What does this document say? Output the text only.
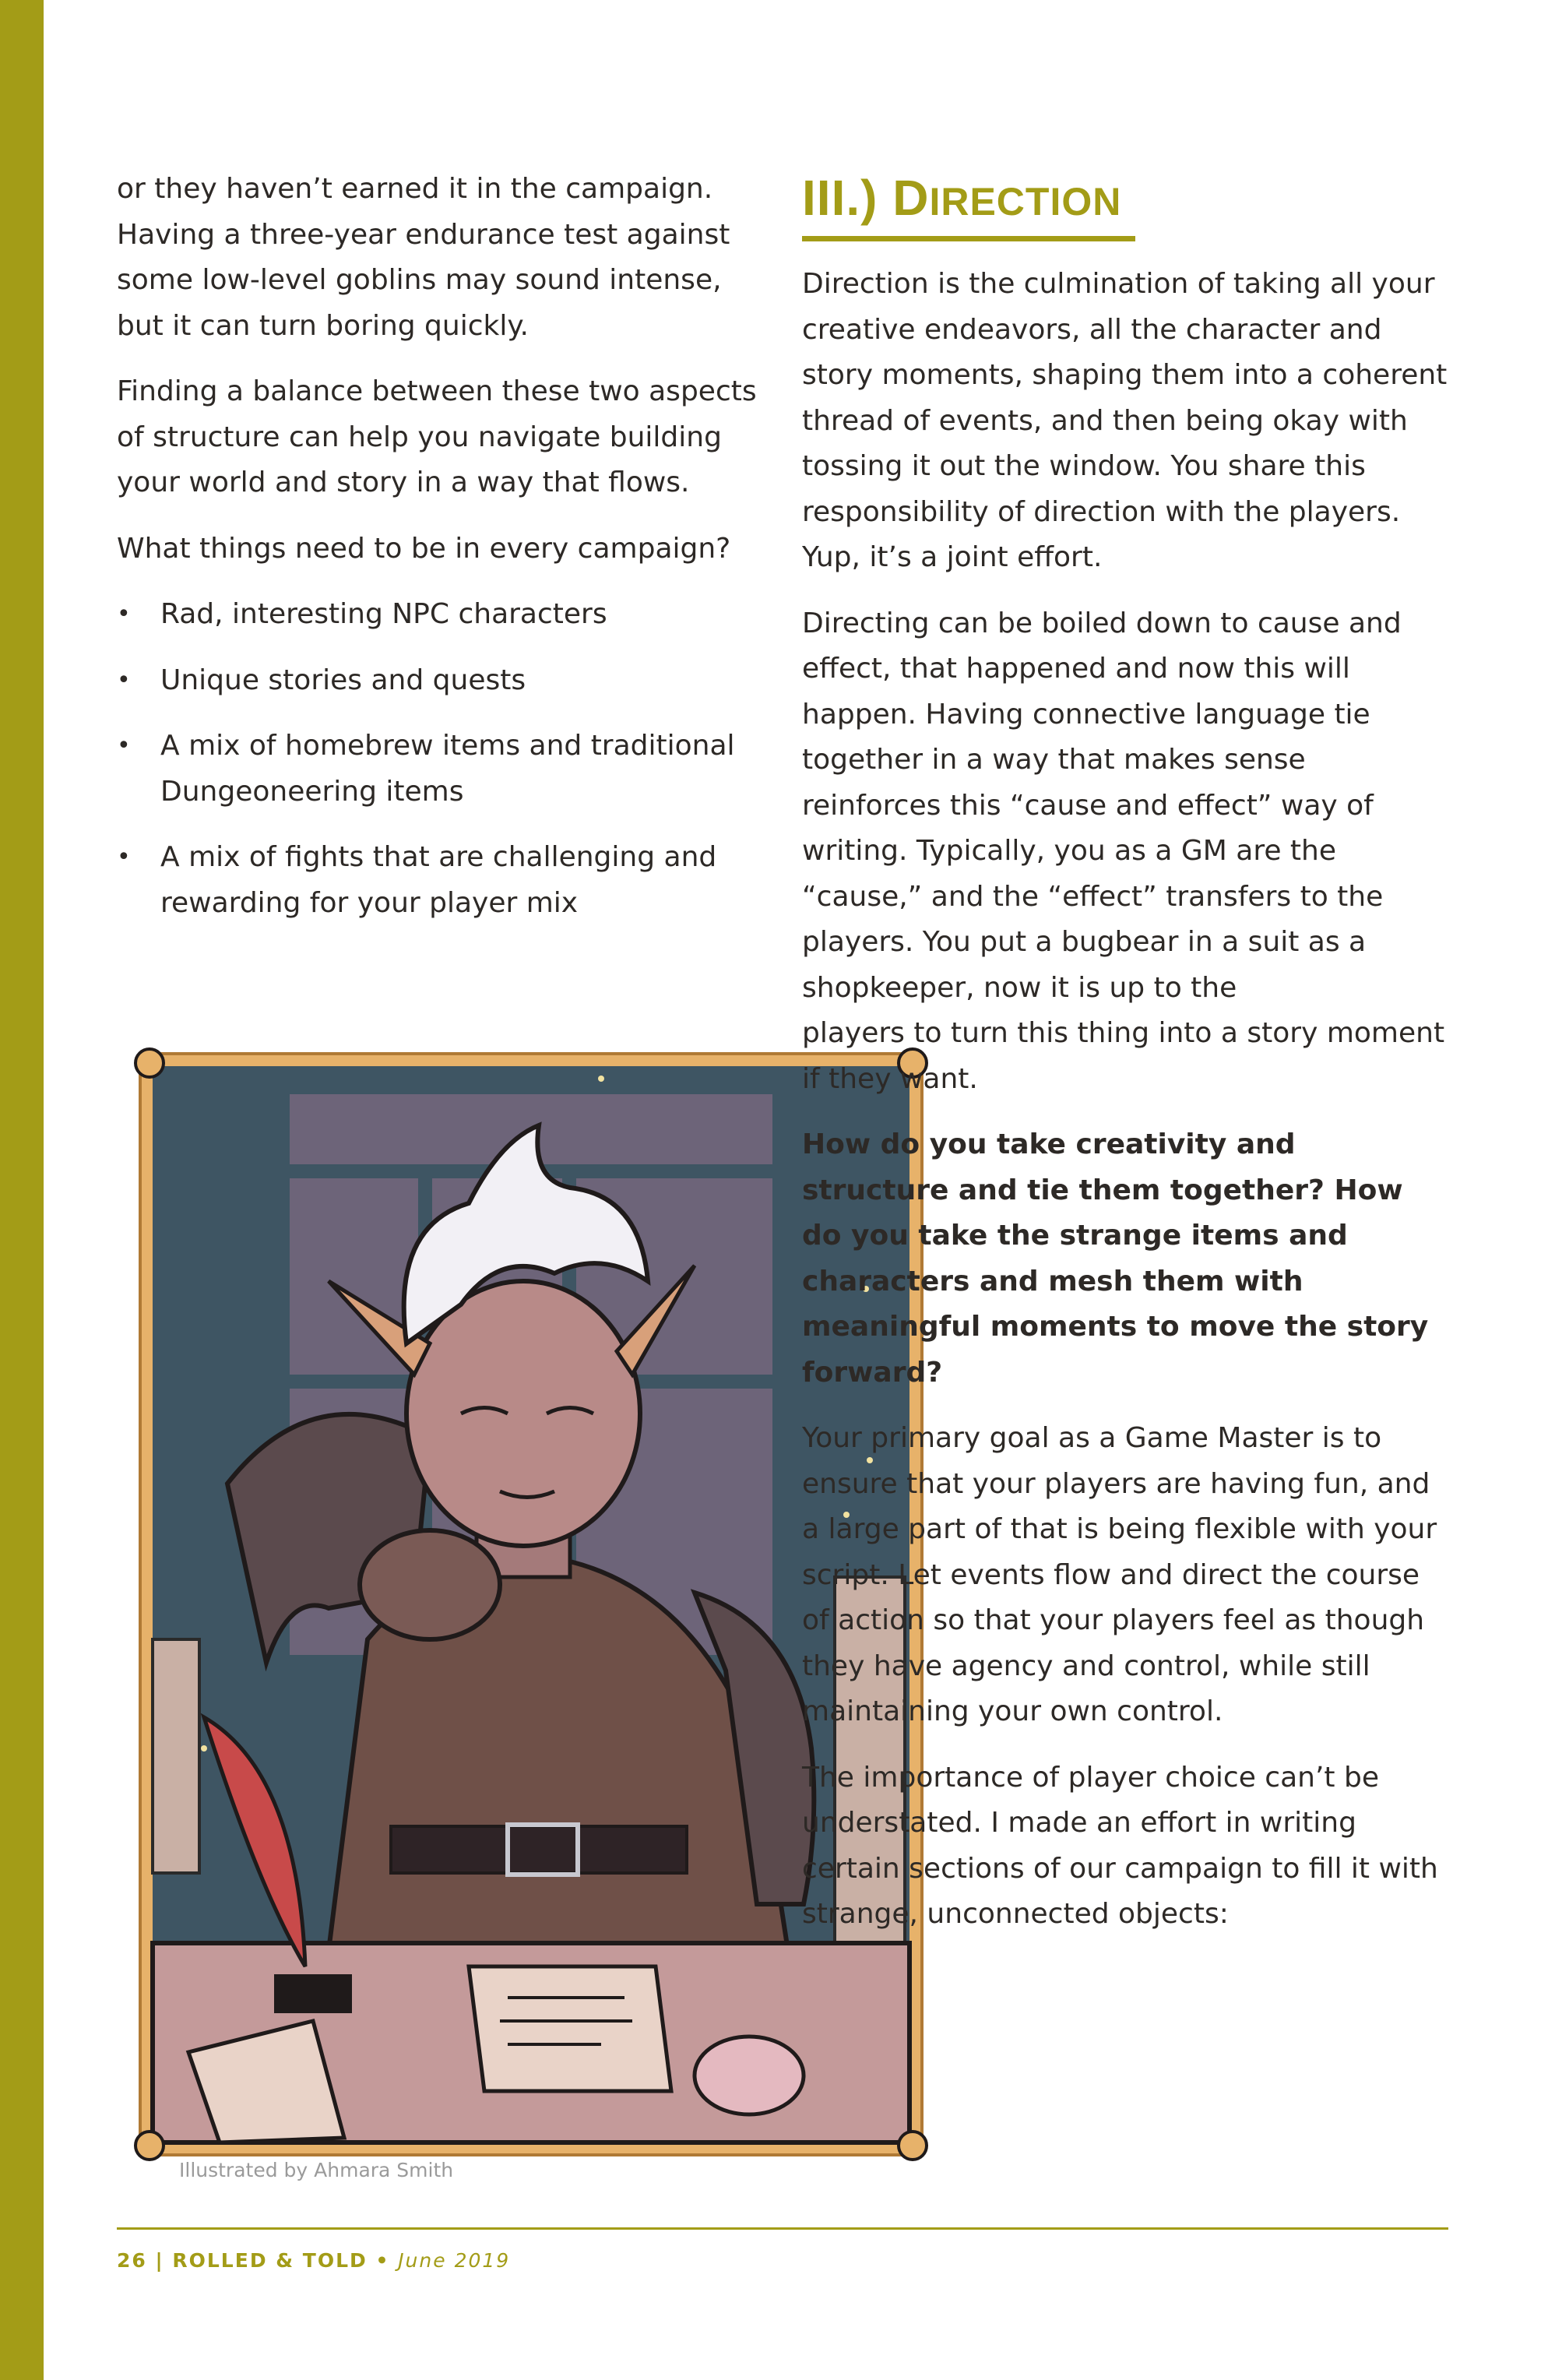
or they haven’t earned it in the campaign. Having a three-year endurance test against some low-level goblins may sound intense, but it can turn boring quickly.

Finding a balance between these two aspects of structure can help you navigate building your world and story in a way that flows.

What things need to be in every campaign?

• Rad, interesting NPC characters
• Unique stories and quests
• A mix of homebrew items and traditional Dungeoneering items
• A mix of fights that are challenging and rewarding for your player mix
Illustrated by Ahmara Smith
III.) DIRECTION

Direction is the culmination of taking all your creative endeavors, all the character and story moments, shaping them into a coherent thread of events, and then being okay with tossing it out the window. You share this responsibility of direction with the players. Yup, it’s a joint effort.

Directing can be boiled down to cause and effect, that happened and now this will happen. Having connective language tie together in a way that makes sense reinforces this “cause and effect” way of writing. Typically, you as a GM are the “cause,” and the “effect” transfers to the players. You put a bugbear in a suit as a shopkeeper, now it is up to the

players to turn this thing into a story moment if they want.

How do you take creativity and structure and tie them together? How do you take the strange items and characters and mesh them with meaningful moments to move the story forward?

Your primary goal as a Game Master is to ensure that your players are having fun, and a large part of that is being flexible with your script. Let events flow and direct the course of action so that your players feel as though they have agency and control, while still maintaining your own control.

The importance of player choice can’t be understated. I made an effort in writing certain sections of our campaign to fill it with strange, unconnected objects:

26 | ROLLED & TOLD • June 2019
